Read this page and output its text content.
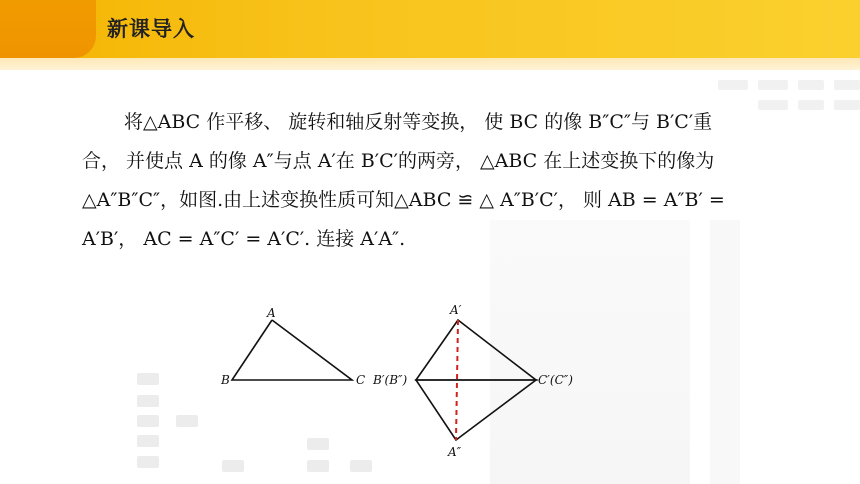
新课导入

将△ABC 作平移、 旋转和轴反射等变换， 使 BC 的像 B″C″与 B′C′重

合， 并使点 A 的像 A″与点 A′在 B′C′的两旁， △ABC 在上述变换下的像为

△A″B″C″，如图.由上述变换性质可知△ABC ≌ △ A″B′C′， 则 AB = A″B′ =

A′B′， AC = A″C′ = A′C′. 连接 A′A″.

A
B	C
A′
B′(B″)	C′(C″)
A″
